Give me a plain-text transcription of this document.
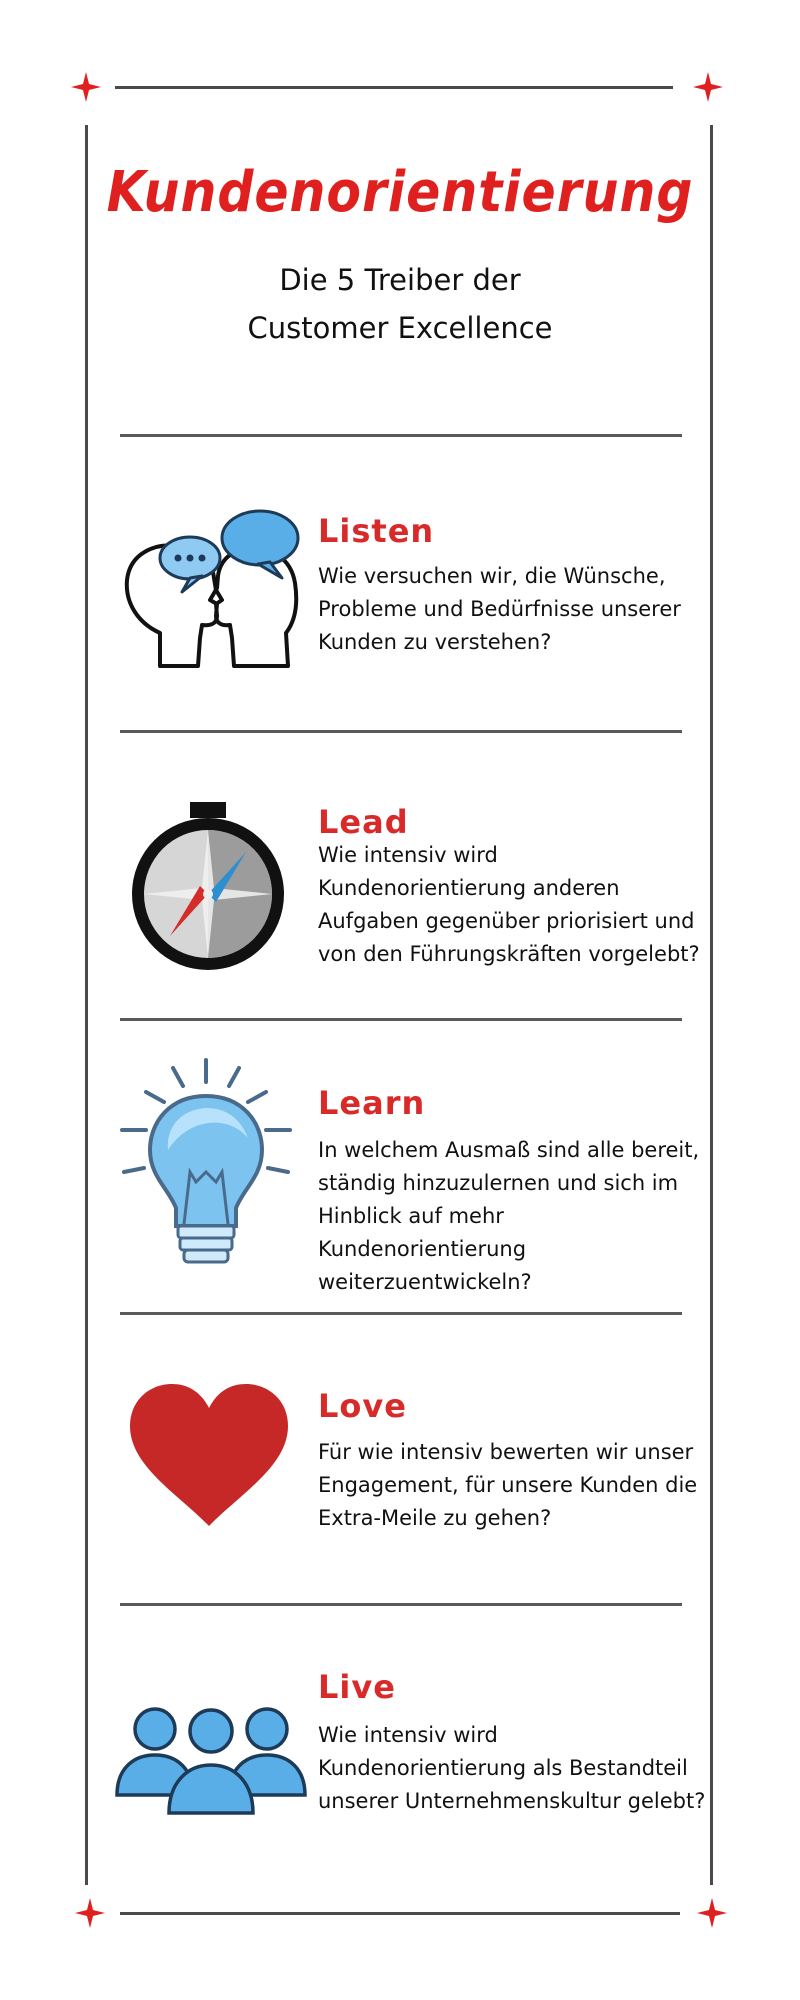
Kundenorientierung
Die 5 Treiber der
Customer Excellence
Listen
Wie versuchen wir, die Wünsche, Probleme und Bedürfnisse unserer Kunden zu verstehen?
Lead
Wie intensiv wird Kundenorientierung anderen Aufgaben gegenüber priorisiert und von den Führungskräften vorgelebt?
Learn
In welchem Ausmaß sind alle bereit, ständig hinzuzulernen und sich im Hinblick auf mehr Kundenorientierung weiterzuentwickeln?
Love
Für wie intensiv bewerten wir unser Engagement, für unsere Kunden die Extra-Meile zu gehen?
Live
Wie intensiv wird Kundenorientierung als Bestandteil unserer Unternehmenskultur gelebt?
